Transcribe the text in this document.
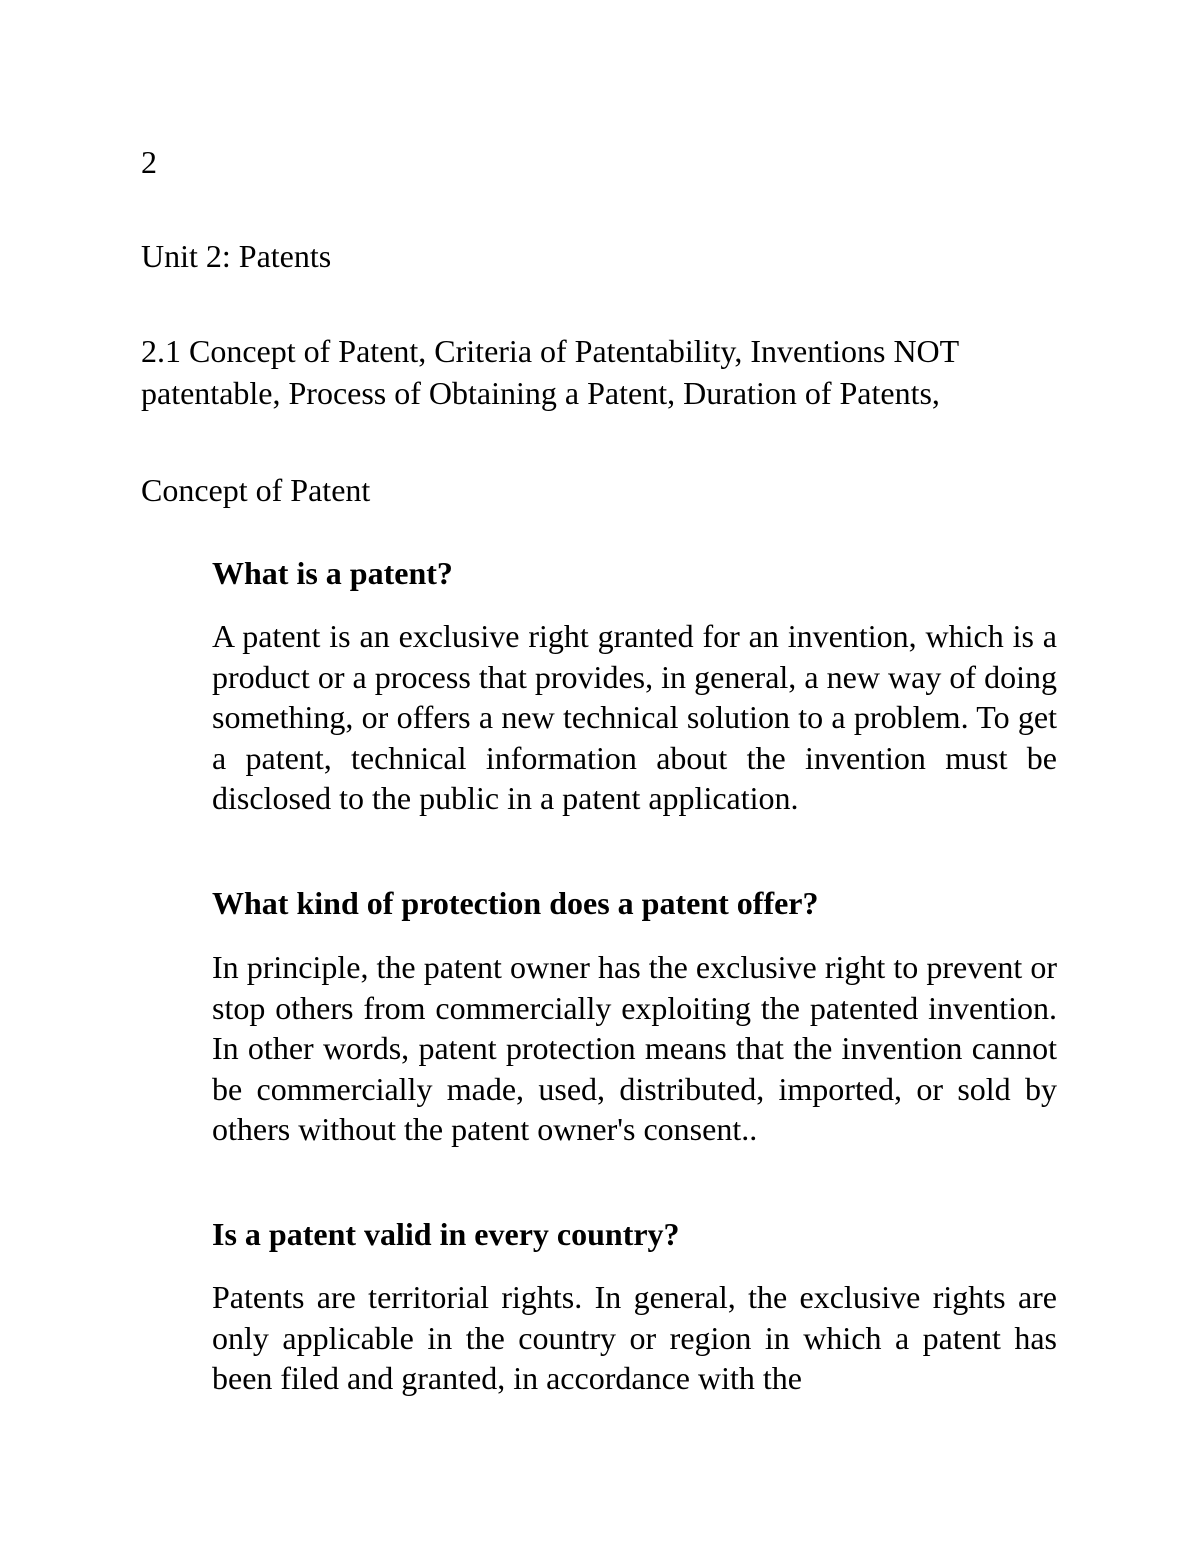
2

Unit 2: Patents

2.1 Concept of Patent, Criteria of Patentability, Inventions NOT patentable, Process of Obtaining a Patent, Duration of Patents,

Concept of Patent

What is a patent?

A patent is an exclusive right granted for an invention, which is a product or a process that provides, in general, a new way of doing something, or offers a new technical solution to a problem. To get a patent, technical information about the invention must be disclosed to the public in a patent application.

What kind of protection does a patent offer?

In principle, the patent owner has the exclusive right to prevent or stop others from commercially exploiting the patented invention. In other words, patent protection means that the invention cannot be commercially made, used, distributed, imported, or sold by others without the patent owner's consent..

Is a patent valid in every country?

Patents are territorial rights. In general, the exclusive rights are only applicable in the country or region in which a patent has been filed and granted, in accordance with the
